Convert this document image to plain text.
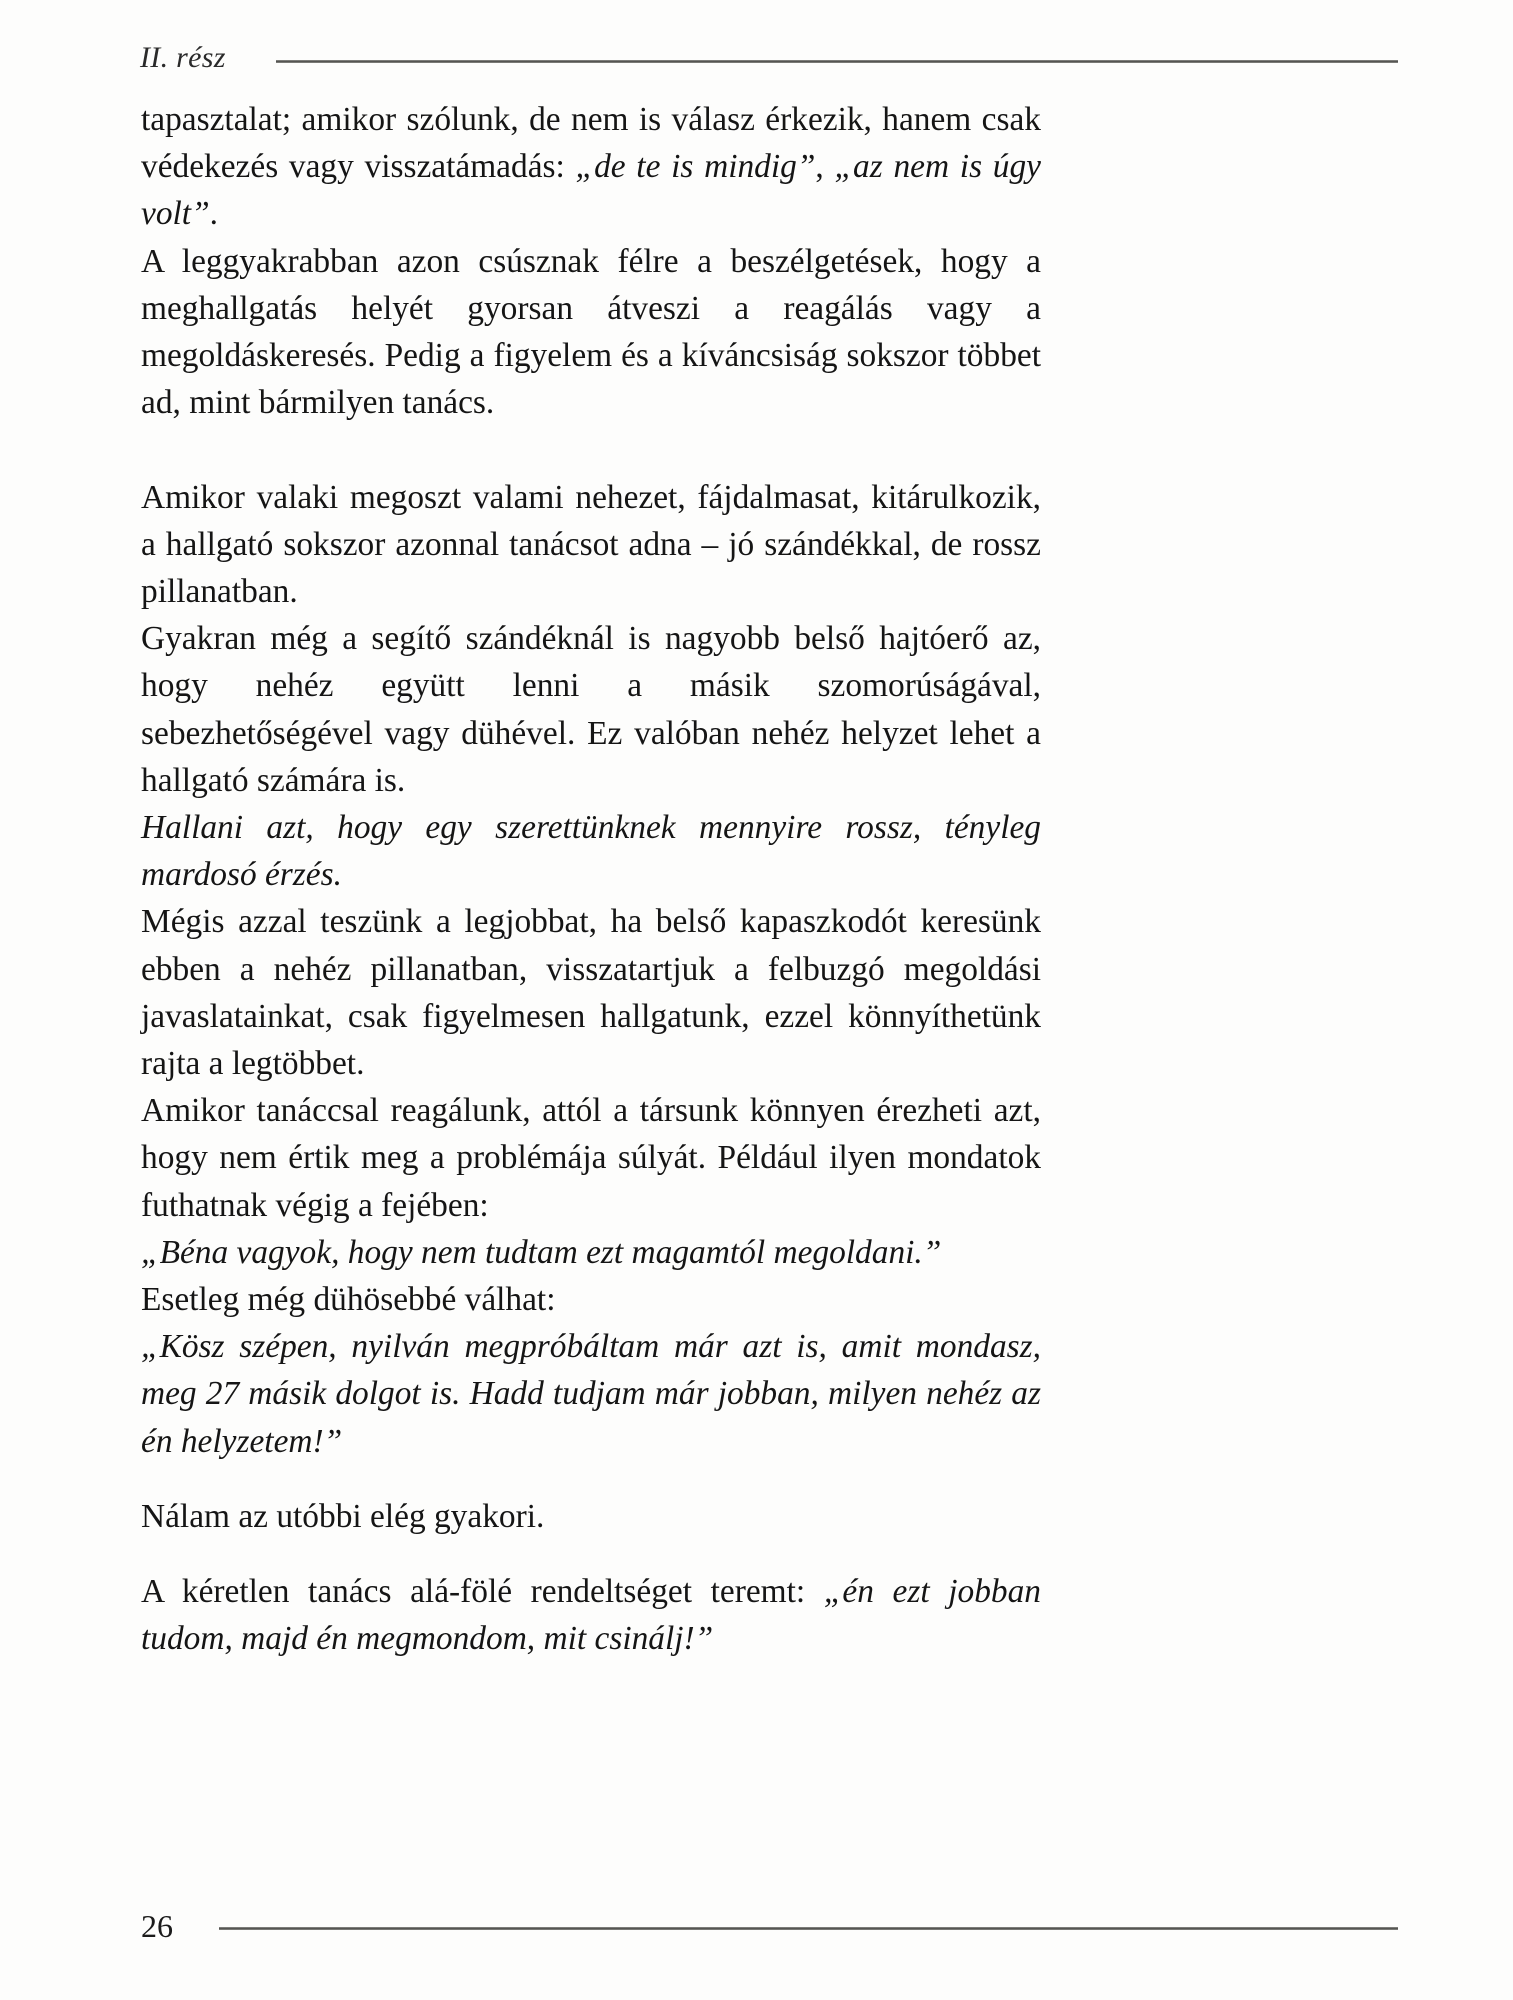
II. rész

tapasztalat; amikor szólunk, de nem is válasz érkezik, hanem csak védekezés vagy visszatámadás: „de te is mindig”, „az nem is úgy volt”.

A leggyakrabban azon csúsznak félre a beszélgetések, hogy a meghallgatás helyét gyorsan átveszi a reagálás vagy a megoldáskeresés. Pedig a figyelem és a kíváncsiság sokszor többet ad, mint bármilyen tanács.

Amikor valaki megoszt valami nehezet, fájdalmasat, kitárulkozik, a hallgató sokszor azonnal tanácsot adna – jó szándékkal, de rossz pillanatban.

Gyakran még a segítő szándéknál is nagyobb belső hajtóerő az, hogy nehéz együtt lenni a másik szomorúságával, sebezhetőségével vagy dühével. Ez valóban nehéz helyzet lehet a hallgató számára is.

Hallani azt, hogy egy szerettünknek mennyire rossz, tényleg mardosó érzés.

Mégis azzal teszünk a legjobbat, ha belső kapaszkodót keresünk ebben a nehéz pillanatban, visszatartjuk a felbuzgó megoldási javaslatainkat, csak figyelmesen hallgatunk, ezzel könnyíthetünk rajta a legtöbbet.

Amikor tanáccsal reagálunk, attól a társunk könnyen érezheti azt, hogy nem értik meg a problémája súlyát. Például ilyen mondatok futhatnak végig a fejében:

„Béna vagyok, hogy nem tudtam ezt magamtól megoldani.”

Esetleg még dühösebbé válhat:

„Kösz szépen, nyilván megpróbáltam már azt is, amit mondasz, meg 27 másik dolgot is. Hadd tudjam már jobban, milyen nehéz az én helyzetem!”

Nálam az utóbbi elég gyakori.

A kéretlen tanács alá-fölé rendeltséget teremt: „én ezt jobban tudom, majd én megmondom, mit csinálj!”

26
